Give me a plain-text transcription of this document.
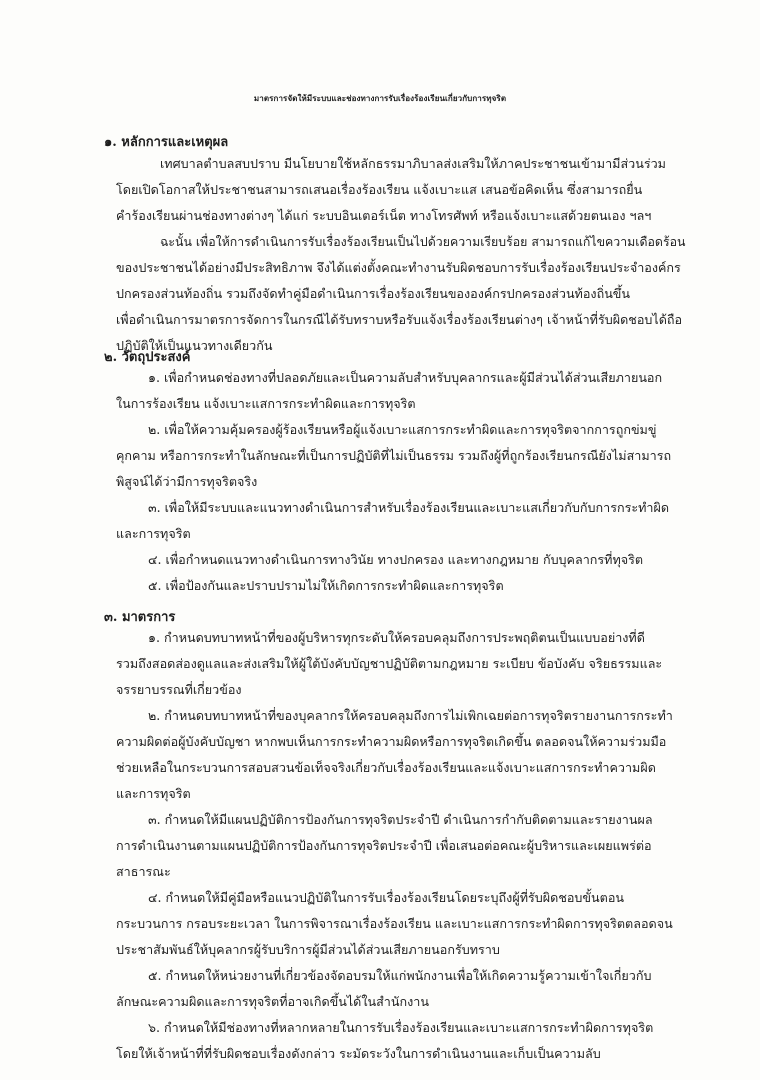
มาตรการจัดให้มีระบบและช่องทางการรับเรื่องร้องเรียนเกี่ยวกับการทุจริต
๑. หลักการและเหตุผล
เทศบาลตำบลสบปราบ มีนโยบายใช้หลักธรรมาภิบาลส่งเสริมให้ภาคประชาชนเข้ามามีส่วนร่วม
โดยเปิดโอกาสให้ประชาชนสามารถเสนอเรื่องร้องเรียน แจ้งเบาะแส เสนอข้อคิดเห็น ซึ่งสามารถยื่น
คำร้องเรียนผ่านช่องทางต่างๆ ได้แก่ ระบบอินเตอร์เน็ต ทางโทรศัพท์ หรือแจ้งเบาะแสด้วยตนเอง ฯลฯ
ฉะนั้น เพื่อให้การดำเนินการรับเรื่องร้องเรียนเป็นไปด้วยความเรียบร้อย สามารถแก้ไขความเดือดร้อน
ของประชาชนได้อย่างมีประสิทธิภาพ จึงได้แต่งตั้งคณะทำงานรับผิดชอบการรับเรื่องร้องเรียนประจำองค์กร
ปกครองส่วนท้องถิ่น รวมถึงจัดทำคู่มือดำเนินการเรื่องร้องเรียนขององค์กรปกครองส่วนท้องถิ่นขึ้น
เพื่อดำเนินการมาตรการจัดการในกรณีได้รับทราบหรือรับแจ้งเรื่องร้องเรียนต่างๆ เจ้าหน้าที่รับผิดชอบได้ถือ
ปฏิบัติให้เป็นแนวทางเดียวกัน
๒. วัตถุประสงค์
๑. เพื่อกำหนดช่องทางที่ปลอดภัยและเป็นความลับสำหรับบุคลากรและผู้มีส่วนได้ส่วนเสียภายนอก
ในการร้องเรียน แจ้งเบาะแสการกระทำผิดและการทุจริต
๒. เพื่อให้ความคุ้มครองผู้ร้องเรียนหรือผู้แจ้งเบาะแสการกระทำผิดและการทุจริตจากการถูกข่มขู่
คุกคาม หรือการกระทำในลักษณะที่เป็นการปฏิบัติที่ไม่เป็นธรรม รวมถึงผู้ที่ถูกร้องเรียนกรณียังไม่สามารถ
พิสูจน์ได้ว่ามีการทุจริตจริง
๓. เพื่อให้มีระบบและแนวทางดำเนินการสำหรับเรื่องร้องเรียนและเบาะแสเกี่ยวกับกับการกระทำผิด
และการทุจริต
๔. เพื่อกำหนดแนวทางดำเนินการทางวินัย ทางปกครอง และทางกฎหมาย กับบุคลากรที่ทุจริต
๕. เพื่อป้องกันและปราบปรามไม่ให้เกิดการกระทำผิดและการทุจริต
๓. มาตรการ
๑. กำหนดบทบาทหน้าที่ของผู้บริหารทุกระดับให้ครอบคลุมถึงการประพฤติตนเป็นแบบอย่างที่ดี
รวมถึงสอดส่องดูแลและส่งเสริมให้ผู้ใต้บังคับบัญชาปฏิบัติตามกฎหมาย ระเบียบ ข้อบังคับ จริยธรรมและ
จรรยาบรรณที่เกี่ยวข้อง
๒. กำหนดบทบาทหน้าที่ของบุคลากรให้ครอบคลุมถึงการไม่เพิกเฉยต่อการทุจริตรายงานการกระทำ
ความผิดต่อผู้บังคับบัญชา หากพบเห็นการกระทำความผิดหรือการทุจริตเกิดขึ้น ตลอดจนให้ความร่วมมือ
ช่วยเหลือในกระบวนการสอบสวนข้อเท็จจริงเกี่ยวกับเรื่องร้องเรียนและแจ้งเบาะแสการกระทำความผิด
และการทุจริต
๓. กำหนดให้มีแผนปฏิบัติการป้องกันการทุจริตประจำปี ดำเนินการกำกับติดตามและรายงานผล
การดำเนินงานตามแผนปฏิบัติการป้องกันการทุจริตประจำปี เพื่อเสนอต่อคณะผู้บริหารและเผยแพร่ต่อ
สาธารณะ
๔. กำหนดให้มีคู่มือหรือแนวปฏิบัติในการรับเรื่องร้องเรียนโดยระบุถึงผู้ที่รับผิดชอบขั้นตอน
กระบวนการ กรอบระยะเวลา ในการพิจารณาเรื่องร้องเรียน และเบาะแสการกระทำผิดการทุจริตตลอดจน
ประชาสัมพันธ์ให้บุคลากรผู้รับบริการผู้มีส่วนได้ส่วนเสียภายนอกรับทราบ
๕. กำหนดให้หน่วยงานที่เกี่ยวข้องจัดอบรมให้แก่พนักงานเพื่อให้เกิดความรู้ความเข้าใจเกี่ยวกับ
ลักษณะความผิดและการทุจริตที่อาจเกิดขึ้นได้ในสำนักงาน
๖. กำหนดให้มีช่องทางที่หลากหลายในการรับเรื่องร้องเรียนและเบาะแสการกระทำผิดการทุจริต
โดยให้เจ้าหน้าที่ที่รับผิดชอบเรื่องดังกล่าว ระมัดระวังในการดำเนินงานและเก็บเป็นความลับ
